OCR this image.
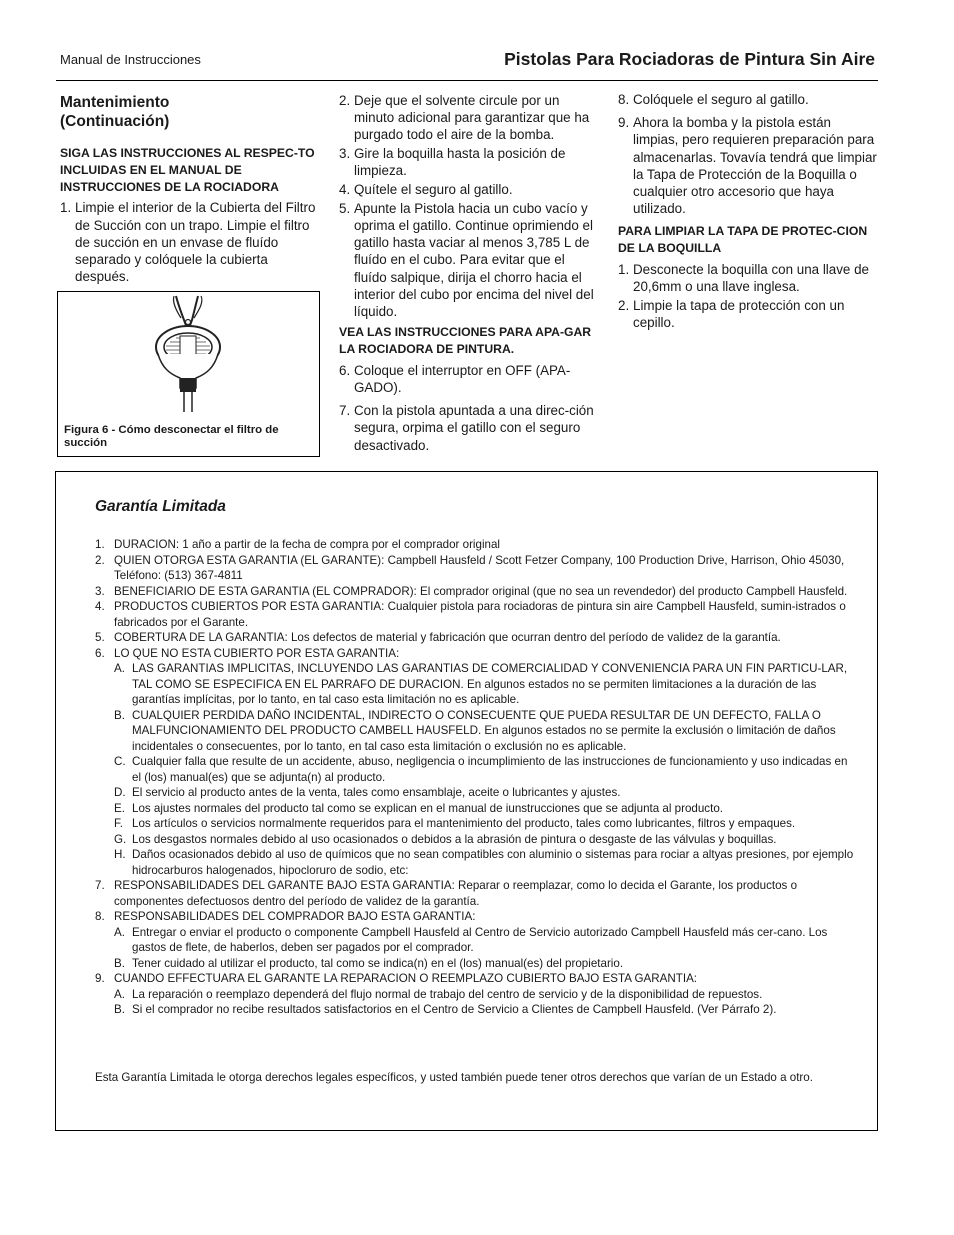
Manual de Instrucciones	Pistolas Para Rociadoras de Pintura Sin Aire
Mantenimiento
(Continuación)
SIGA LAS INSTRUCCIONES AL RESPEC-TO INCLUIDAS EN EL MANUAL DE INSTRUCCIONES DE LA ROCIADORA
1. Limpie el interior de la Cubierta del Filtro de Succión con un trapo. Limpie el filtro de succión en un envase de fluído separado y colóquele la cubierta después.
Figura 6 - Cómo desconectar el filtro de succión
2. Deje que el solvente circule por un minuto adicional para garantizar que ha purgado todo el aire de la bomba.
3. Gire la boquilla hasta la posición de limpieza.
4. Quítele el seguro al gatillo.
5. Apunte la Pistola hacia un cubo vacío y oprima el gatillo. Continue oprimiendo el gatillo hasta vaciar al menos 3,785 L de fluído en el cubo. Para evitar que el fluído salpique, dirija el chorro hacia el interior del cubo por encima del nivel del líquido.
VEA LAS INSTRUCCIONES PARA APA-GAR LA ROCIADORA DE PINTURA.
6. Coloque el interruptor en OFF (APA-GADO).
7. Con la pistola apuntada a una direc-ción segura, orpima el gatillo con el seguro desactivado.
8. Colóquele el seguro al gatillo.
9. Ahora la bomba y la pistola están limpias, pero requieren preparación para almacenarlas. Tovavía tendrá que limpiar la Tapa de Protección de la Boquilla o cualquier otro accesorio que haya utilizado.
PARA LIMPIAR LA TAPA DE PROTEC-CION DE LA BOQUILLA
1. Desconecte la boquilla con una llave de 20,6mm o una llave inglesa.
2. Limpie la tapa de protección con un cepillo.
Garantía Limitada
1. DURACION: 1 año a partir de la fecha de compra por el comprador original
2. QUIEN OTORGA ESTA GARANTIA (EL GARANTE): Campbell Hausfeld / Scott Fetzer Company, 100 Production Drive, Harrison, Ohio 45030, Teléfono: (513) 367-4811
3. BENEFICIARIO DE ESTA GARANTIA (EL COMPRADOR): El comprador original (que no sea un revendedor) del producto Campbell Hausfeld.
4. PRODUCTOS CUBIERTOS POR ESTA GARANTIA: Cualquier pistola para rociadoras de pintura sin aire Campbell Hausfeld, sumin-istrados o fabricados por el Garante.
5. COBERTURA DE LA GARANTIA: Los defectos de material y fabricación que ocurran dentro del período de validez de la garantía.
6. LO QUE NO ESTA CUBIERTO POR ESTA GARANTIA:
A. LAS GARANTIAS IMPLICITAS, INCLUYENDO LAS GARANTIAS DE COMERCIALIDAD Y CONVENIENCIA PARA UN FIN PARTICU-LAR, TAL COMO SE ESPECIFICA EN EL PARRAFO DE DURACION. En algunos estados no se permiten limitaciones a la duración de las garantías implícitas, por lo tanto, en tal caso esta limitación no es aplicable.
B. CUALQUIER PERDIDA DAÑO INCIDENTAL, INDIRECTO O CONSECUENTE QUE PUEDA RESULTAR DE UN DEFECTO, FALLA O MALFUNCIONAMIENTO DEL PRODUCTO CAMBELL HAUSFELD. En algunos estados no se permite la exclusión o limitación de daños incidentales o consecuentes, por lo tanto, en tal caso esta limitación o exclusión no es aplicable.
C. Cualquier falla que resulte de un accidente, abuso, negligencia o incumplimiento de las instrucciones de funcionamiento y uso indicadas en el (los) manual(es) que se adjunta(n) al producto.
D. El servicio al producto antes de la venta, tales como ensamblaje, aceite o lubricantes y ajustes.
E. Los ajustes normales del producto tal como se explican en el manual de iunstrucciones que se adjunta al producto.
F. Los artículos o servicios normalmente requeridos para el mantenimiento del producto, tales como lubricantes, filtros y empaques.
G. Los desgastos normales debido al uso ocasionados o debidos a la abrasión de pintura o desgaste de las válvulas y boquillas.
H. Daños ocasionados debido al uso de químicos que no sean compatibles con aluminio o sistemas para rociar a altyas presiones, por ejemplo hidrocarburos halogenados, hipocloruro de sodio, etc:
7. RESPONSABILIDADES DEL GARANTE BAJO ESTA GARANTIA: Reparar o reemplazar, como lo decida el Garante, los productos o componentes defectuosos dentro del período de validez de la garantía.
8. RESPONSABILIDADES DEL COMPRADOR BAJO ESTA GARANTIA:
A. Entregar o enviar el producto o componente Campbell Hausfeld al Centro de Servicio autorizado Campbell Hausfeld más cer-cano. Los gastos de flete, de haberlos, deben ser pagados por el comprador.
B. Tener cuidado al utilizar el producto, tal como se indica(n) en el (los) manual(es) del propietario.
9. CUANDO EFFECTUARA EL GARANTE LA REPARACION O REEMPLAZO CUBIERTO BAJO ESTA GARANTIA:
A. La reparación o reemplazo dependerá del flujo normal de trabajo del centro de servicio y de la disponibilidad de repuestos.
B. Si el comprador no recibe resultados satisfactorios en el Centro de Servicio a Clientes de Campbell Hausfeld. (Ver Párrafo 2).
Esta Garantía Limitada le otorga derechos legales específicos, y usted también puede tener otros derechos que varían de un Estado a otro.
